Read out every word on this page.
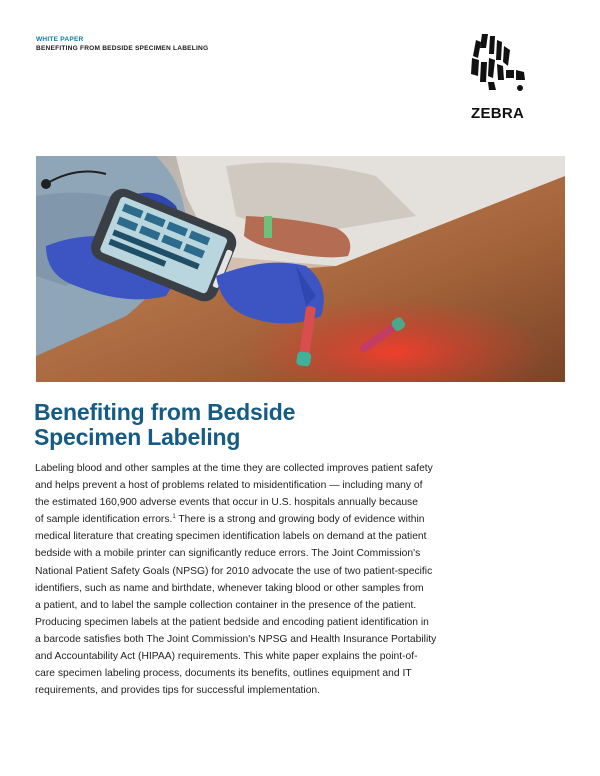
WHITE PAPER
BENEFITING FROM BEDSIDE SPECIMEN LABELING
ZEBRA
Benefiting from Bedside
Specimen Labeling

Labeling blood and other samples at the time they are collected improves patient safety
and helps prevent a host of problems related to misidentification — including many of
the estimated 160,900 adverse events that occur in U.S. hospitals annually because
of sample identification errors.$^1$ There is a strong and growing body of evidence within
medical literature that creating specimen identification labels on demand at the patient
bedside with a mobile printer can significantly reduce errors. The Joint Commission's
National Patient Safety Goals (NPSG) for 2010 advocate the use of two patient-specific
identifiers, such as name and birthdate, whenever taking blood or other samples from
a patient, and to label the sample collection container in the presence of the patient.
Producing specimen labels at the patient bedside and encoding patient identification in
a barcode satisfies both The Joint Commission's NPSG and Health Insurance Portability
and Accountability Act (HIPAA) requirements. This white paper explains the point-of-
care specimen labeling process, documents its benefits, outlines equipment and IT
requirements, and provides tips for successful implementation.
